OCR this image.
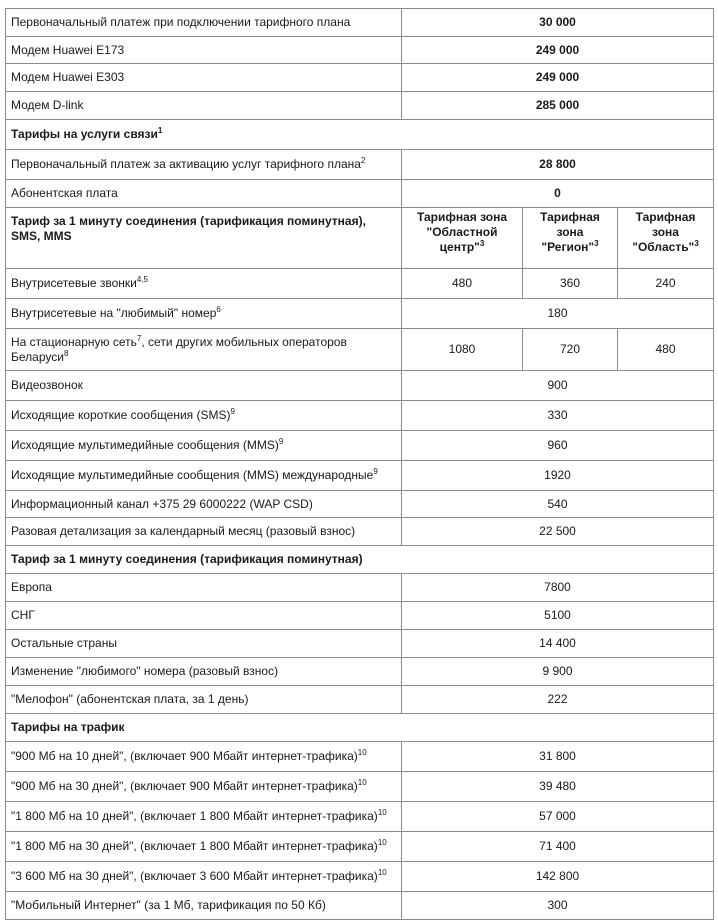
Первоначальный платеж при подключении тарифного плана	30 000		
Модем Huawei E173	249 000		
Модем Huawei E303	249 000		
Модем D-link	285 000		
Тарифы на услуги связи$^1$
Первоначальный платеж за активацию услуг тарифного плана$^2$	28 800		
Абонентская плата	0		
Тариф за 1 минуту соединения (тарификация поминутная), SMS, MMS	Тарифная зона "Областной центр"$^3$	Тарифная зона "Регион"$^3$	Тарифная зона "Область"$^3$
Внутрисетевые звонки$^{4,5}$	480	360	240
Внутрисетевые на "любимый" номер$^6$	180		
На стационарную сеть$^7$, сети других мобильных операторов Беларуси$^8$	1080	720	480
Видеозвонок	900		
Исходящие короткие сообщения (SMS)$^9$	330		
Исходящие мультимедийные сообщения (MMS)$^9$	960		
Исходящие мультимедийные сообщения (MMS) международные$^9$	1920		
Информационный канал +375 29 6000222 (WAP CSD)	540		
Разовая детализация за календарный месяц (разовый взнос)	22 500		
Тариф за 1 минуту соединения (тарификация поминутная)			
Европа	7800		
СНГ	5100		
Остальные страны	14 400		
Изменение "любимого" номера (разовый взнос)	9 900		
"Мелофон" (абонентская плата, за 1 день)	222		
Тарифы на трафик			
"900 Мб на 10 дней", (включает 900 Мбайт интернет-трафика)$^{10}$	31 800		
"900 Мб на 30 дней", (включает 900 Мбайт интернет-трафика)$^{10}$	39 480		
"1 800 Мб на 10 дней", (включает 1 800 Мбайт интернет-трафика)$^{10}$	57 000		
"1 800 Мб на 30 дней", (включает 1 800 Мбайт интернет-трафика)$^{10}$	71 400		
"3 600 Мб на 30 дней", (включает 3 600 Мбайт интернет-трафика)$^{10}$	142 800		
"Мобильный Интернет" (за 1 Мб, тарификация по 50 Кб)	300		
